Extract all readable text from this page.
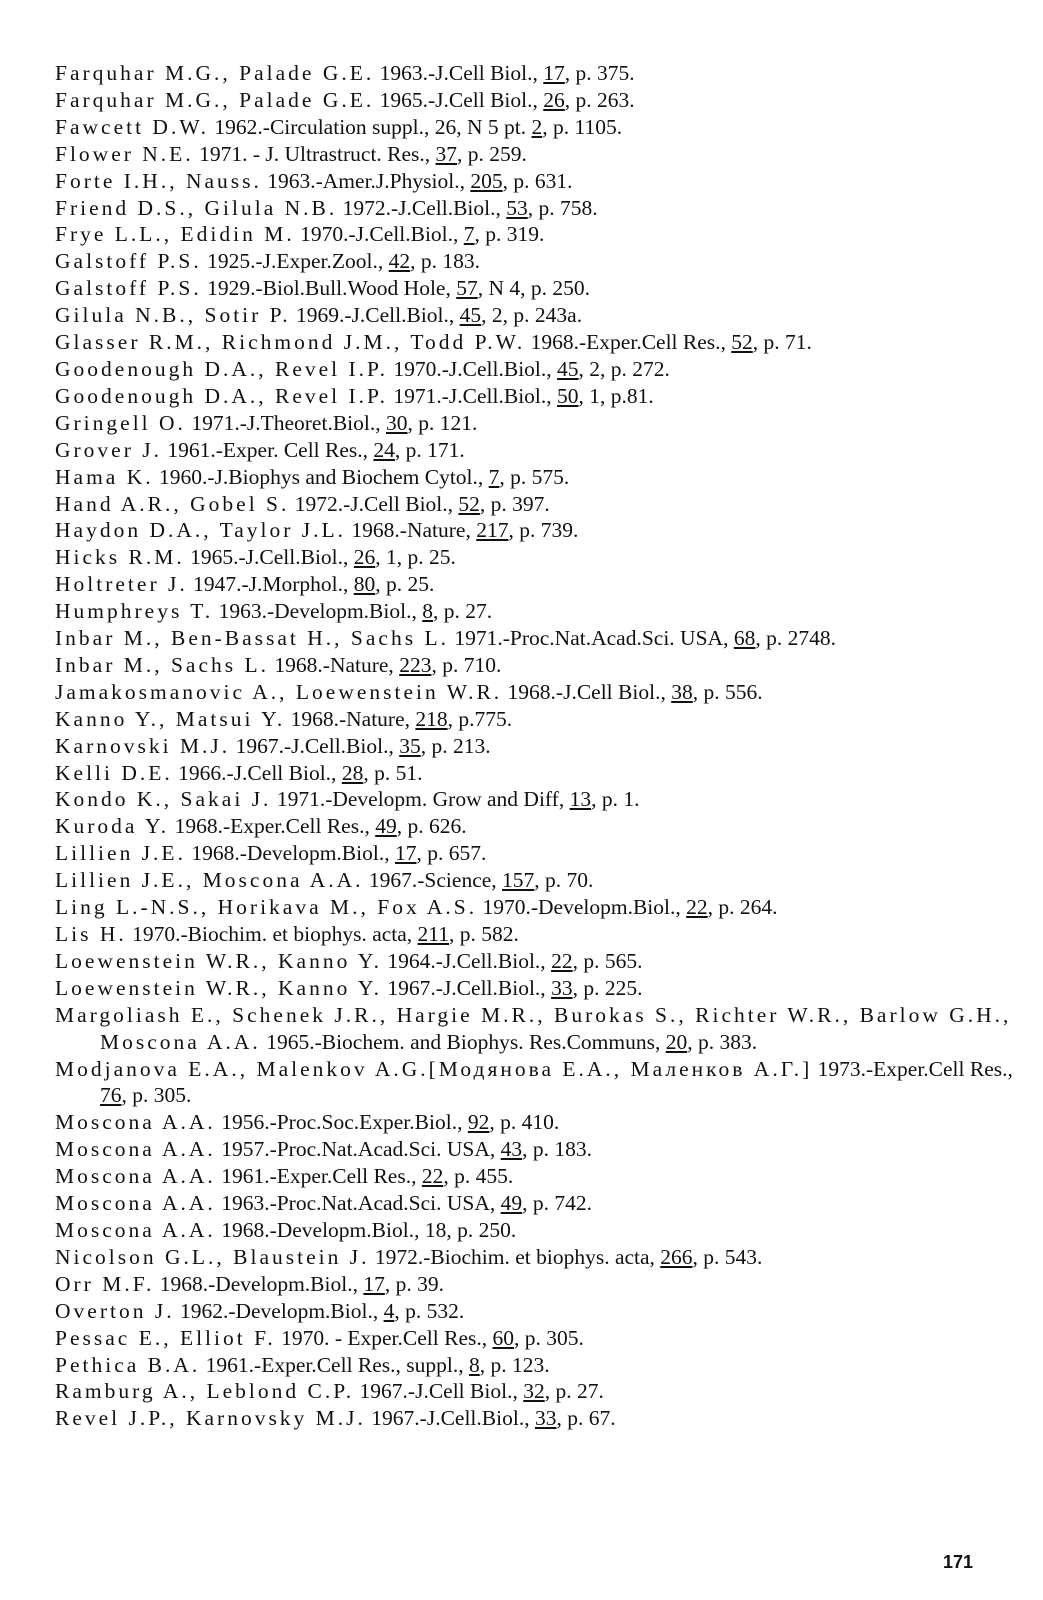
Farquhar M.G., Palade G.E. 1963.-J.Cell Biol., 17, p. 375.
Farquhar M.G., Palade G.E. 1965.-J.Cell Biol., 26, p. 263.
Fawcett D.W. 1962.-Circulation suppl., 26, N 5 pt. 2, p. 1105.
Flower N.E. 1971. - J. Ultrastruct. Res., 37, p. 259.
Forte I.H., Nauss. 1963.-Amer.J.Physiol., 205, p. 631.
Friend D.S., Gilula N.B. 1972.-J.Cell.Biol., 53, p. 758.
Frye L.L., Edidin M. 1970.-J.Cell.Biol., 7, p. 319.
Galstoff P.S. 1925.-J.Exper.Zool., 42, p. 183.
Galstoff P.S. 1929.-Biol.Bull.Wood Hole, 57, N 4, p. 250.
Gilula N.B., Sotir P. 1969.-J.Cell.Biol., 45, 2, p. 243a.
Glasser R.M., Richmond J.M., Todd P.W. 1968.-Exper.Cell Res., 52, p. 71.
Goodenough D.A., Revel I.P. 1970.-J.Cell.Biol., 45, 2, p. 272.
Goodenough D.A., Revel I.P. 1971.-J.Cell.Biol., 50, 1, p.81.
Gringell O. 1971.-J.Theoret.Biol., 30, p. 121.
Grover J. 1961.-Exper. Cell Res., 24, p. 171.
Hama K. 1960.-J.Biophys and Biochem Cytol., 7, p. 575.
Hand A.R., Gobel S. 1972.-J.Cell Biol., 52, p. 397.
Haydon D.A., Taylor J.L. 1968.-Nature, 217, p. 739.
Hicks R.M. 1965.-J.Cell.Biol., 26, 1, p. 25.
Holtreter J. 1947.-J.Morphol., 80, p. 25.
Humphreys T. 1963.-Developm.Biol., 8, p. 27.
Inbar M., Ben-Bassat H., Sachs L. 1971.-Proc.Nat.Acad.Sci. USA, 68, p. 2748.
Inbar M., Sachs L. 1968.-Nature, 223, p. 710.
Jamakosmanovic A., Loewenstein W.R. 1968.-J.Cell Biol., 38, p. 556.
Kanno Y., Matsui Y. 1968.-Nature, 218, p.775.
Karnovski M.J. 1967.-J.Cell.Biol., 35, p. 213.
Kelli D.E. 1966.-J.Cell Biol., 28, p. 51.
Kondo K., Sakai J. 1971.-Developm. Grow and Diff, 13, p. 1.
Kuroda Y. 1968.-Exper.Cell Res., 49, p. 626.
Lillien J.E. 1968.-Developm.Biol., 17, p. 657.
Lillien J.E., Moscona A.A. 1967.-Science, 157, p. 70.
Ling L.-N.S., Horikava M., Fox A.S. 1970.-Developm.Biol., 22, p. 264.
Lis H. 1970.-Biochim. et biophys. acta, 211, p. 582.
Loewenstein W.R., Kanno Y. 1964.-J.Cell.Biol., 22, p. 565.
Loewenstein W.R., Kanno Y. 1967.-J.Cell.Biol., 33, p. 225.
Margoliash E., Schenek J.R., Hargie M.R., Burokas S., Richter W.R., Barlow G.H., Moscona A.A. 1965.-Biochem. and Biophys. Res.Communs, 20, p. 383.
Modjanova E.A., Malenkov A.G.[Модянова Е.А., Маленков А.Г.] 1973.-Exper.Cell Res., 76, p. 305.
Moscona A.A. 1956.-Proc.Soc.Exper.Biol., 92, p. 410.
Moscona A.A. 1957.-Proc.Nat.Acad.Sci. USA, 43, p. 183.
Moscona A.A. 1961.-Exper.Cell Res., 22, p. 455.
Moscona A.A. 1963.-Proc.Nat.Acad.Sci. USA, 49, p. 742.
Moscona A.A. 1968.-Developm.Biol., 18, p. 250.
Nicolson G.L., Blaustein J. 1972.-Biochim. et biophys. acta, 266, p. 543.
Orr M.F. 1968.-Developm.Biol., 17, p. 39.
Overton J. 1962.-Developm.Biol., 4, p. 532.
Pessac E., Elliot F. 1970. - Exper.Cell Res., 60, p. 305.
Pethica B.A. 1961.-Exper.Cell Res., suppl., 8, p. 123.
Ramburg A., Leblond C.P. 1967.-J.Cell Biol., 32, p. 27.
Revel J.P., Karnovsky M.J. 1967.-J.Cell.Biol., 33, p. 67.
171
